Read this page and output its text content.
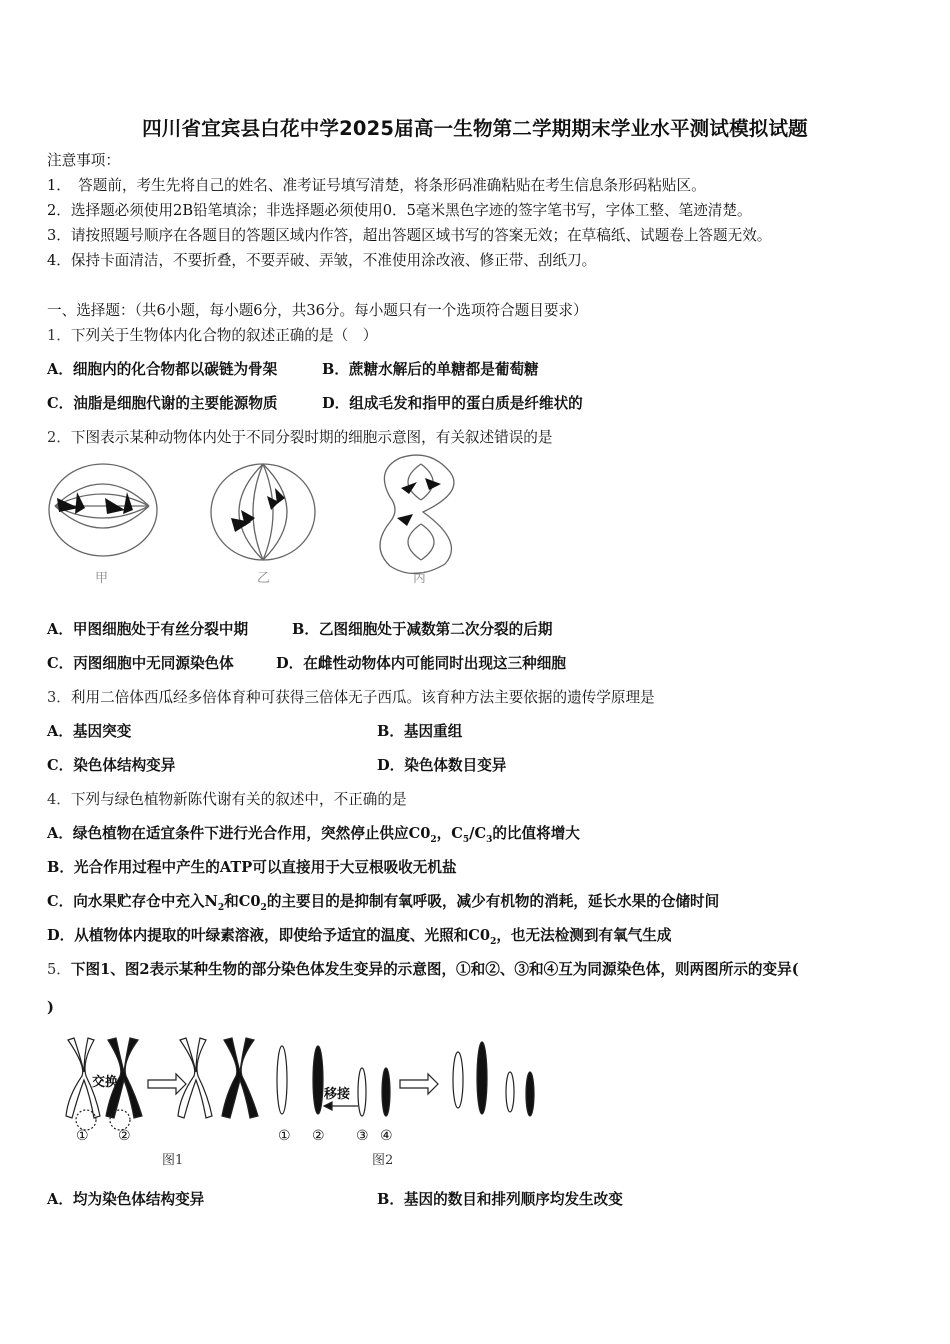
四川省宜宾县白花中学2025届高一生物第二学期期末学业水平测试模拟试题
注意事项：
1．　答题前，考生先将自己的姓名、准考证号填写清楚，将条形码准确粘贴在考生信息条形码粘贴区。
2．选择题必须使用2B铅笔填涂；非选择题必须使用0．5毫米黑色字迹的签字笔书写，字体工整、笔迹清楚。
3．请按照题号顺序在各题目的答题区域内作答，超出答题区域书写的答案无效；在草稿纸、试题卷上答题无效。
4．保持卡面清洁，不要折叠，不要弄破、弄皱，不准使用涂改液、修正带、刮纸刀。
一、选择题：（共6小题，每小题6分，共36分。每小题只有一个选项符合题目要求）
1．下列关于生物体内化合物的叙述正确的是（　）
A．细胞内的化合物都以碳链为骨架	B．蔗糖水解后的单糖都是葡萄糖
C．油脂是细胞代谢的主要能源物质	D．组成毛发和指甲的蛋白质是纤维状的
2．下图表示某种动物体内处于不同分裂时期的细胞示意图，有关叙述错误的是
甲	乙	丙
A．甲图细胞处于有丝分裂中期	B．乙图细胞处于减数第二次分裂的后期
C．丙图细胞中无同源染色体	D．在雌性动物体内可能同时出现这三种细胞
3．利用二倍体西瓜经多倍体育种可获得三倍体无子西瓜。该育种方法主要依据的遗传学原理是
A．基因突变	B．基因重组
C．染色体结构变异	D．染色体数目变异
4．下列与绿色植物新陈代谢有关的叙述中，不正确的是
A．绿色植物在适宜条件下进行光合作用，突然停止供应$C0_2$，$C_5/C_3$的比值将增大
B．光合作用过程中产生的ATP可以直接用于大豆根吸收无机盐
C．向水果贮存仓中充入$N_2$和$C0_2$的主要目的是抑制有氧呼吸，减少有机物的消耗，延长水果的仓储时间
D．从植物体内提取的叶绿素溶液，即使给予适宜的温度、光照和$C0_2$，也无法检测到有氧气生成
5．下图1、图2表示某种生物的部分染色体发生变异的示意图，①和②、③和④互为同源染色体，则两图所示的变异(
)
交换
移接
① ②	① ② ③ ④
图1	图2
A．均为染色体结构变异	B．基因的数目和排列顺序均发生改变
